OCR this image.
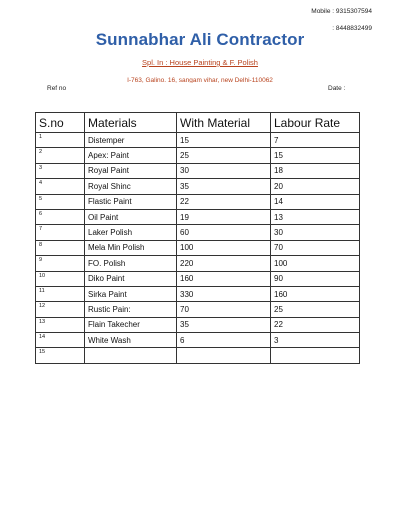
Mobile : 9315307594
: 8448832499
Sunnabhar Ali Contractor
Spl. In : House Painting & F. Polish
I-763, Galino. 16, sangam vihar, new Delhi-110062
Ref no	Date :
S.no	Materials	With Material	Labour Rate
1	Distemper	15	7
2	Apex: Paint	25	15
3	Royal Paint	30	18
4	Royal Shinc	35	20
5	Flastic Paint	22	14
6	Oil Paint	19	13
7	Laker Polish	60	30
8	Mela Min Polish	100	70
9	FO. Polish	220	100
10	Diko Paint	160	90
11	Sirka Paint	330	160
12	Rustic Pain:	70	25
13	Flain Takecher	35	22
14	White Wash	6	3
15			
